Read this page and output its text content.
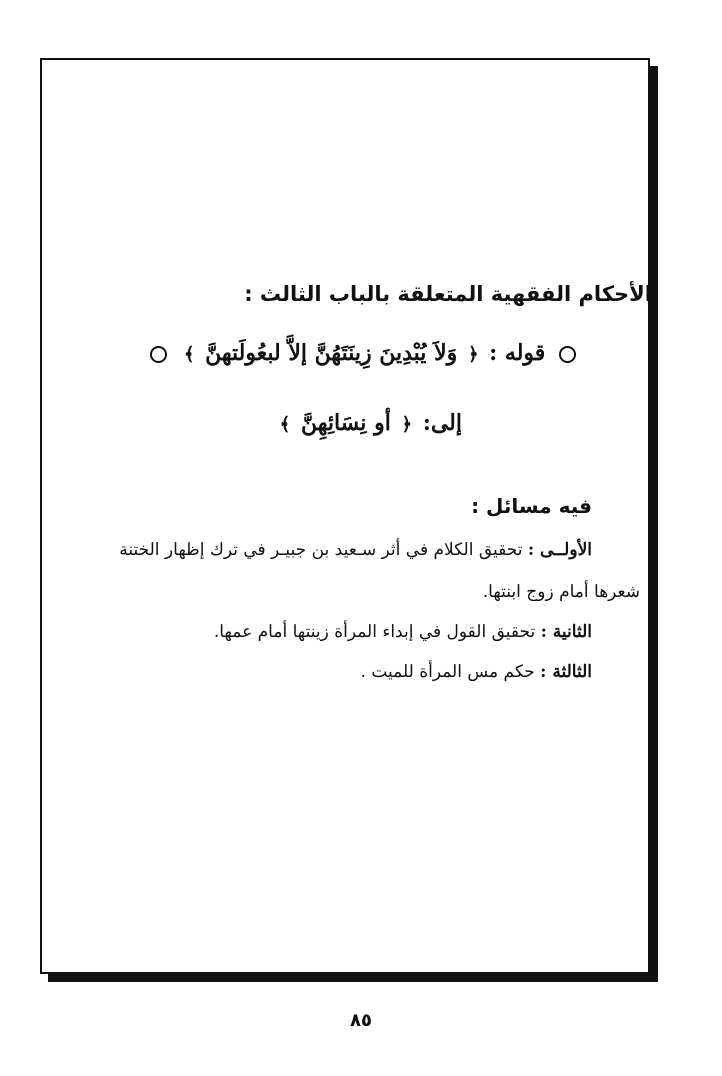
الأحكام الفقهية المتعلقة بالباب الثالث :
قوله : ﴿ وَلاَ يُبْدِينَ زِينَتَهُنَّ إلاَّ لبعُولَتهنَّ ﴾
إلى: ﴿ أو نِسَائِهِنَّ ﴾
فيه مسائل :
الأولــى : تحقيق الكلام في أثر سـعيد بن جبيـر في ترك إظهار الختنة
شعرها أمام زوج ابنتها.
الثانية : تحقيق القول في إبداء المرأة زينتها أمام عمها.
الثالثة : حكم مس المرأة للميت .
٨٥
